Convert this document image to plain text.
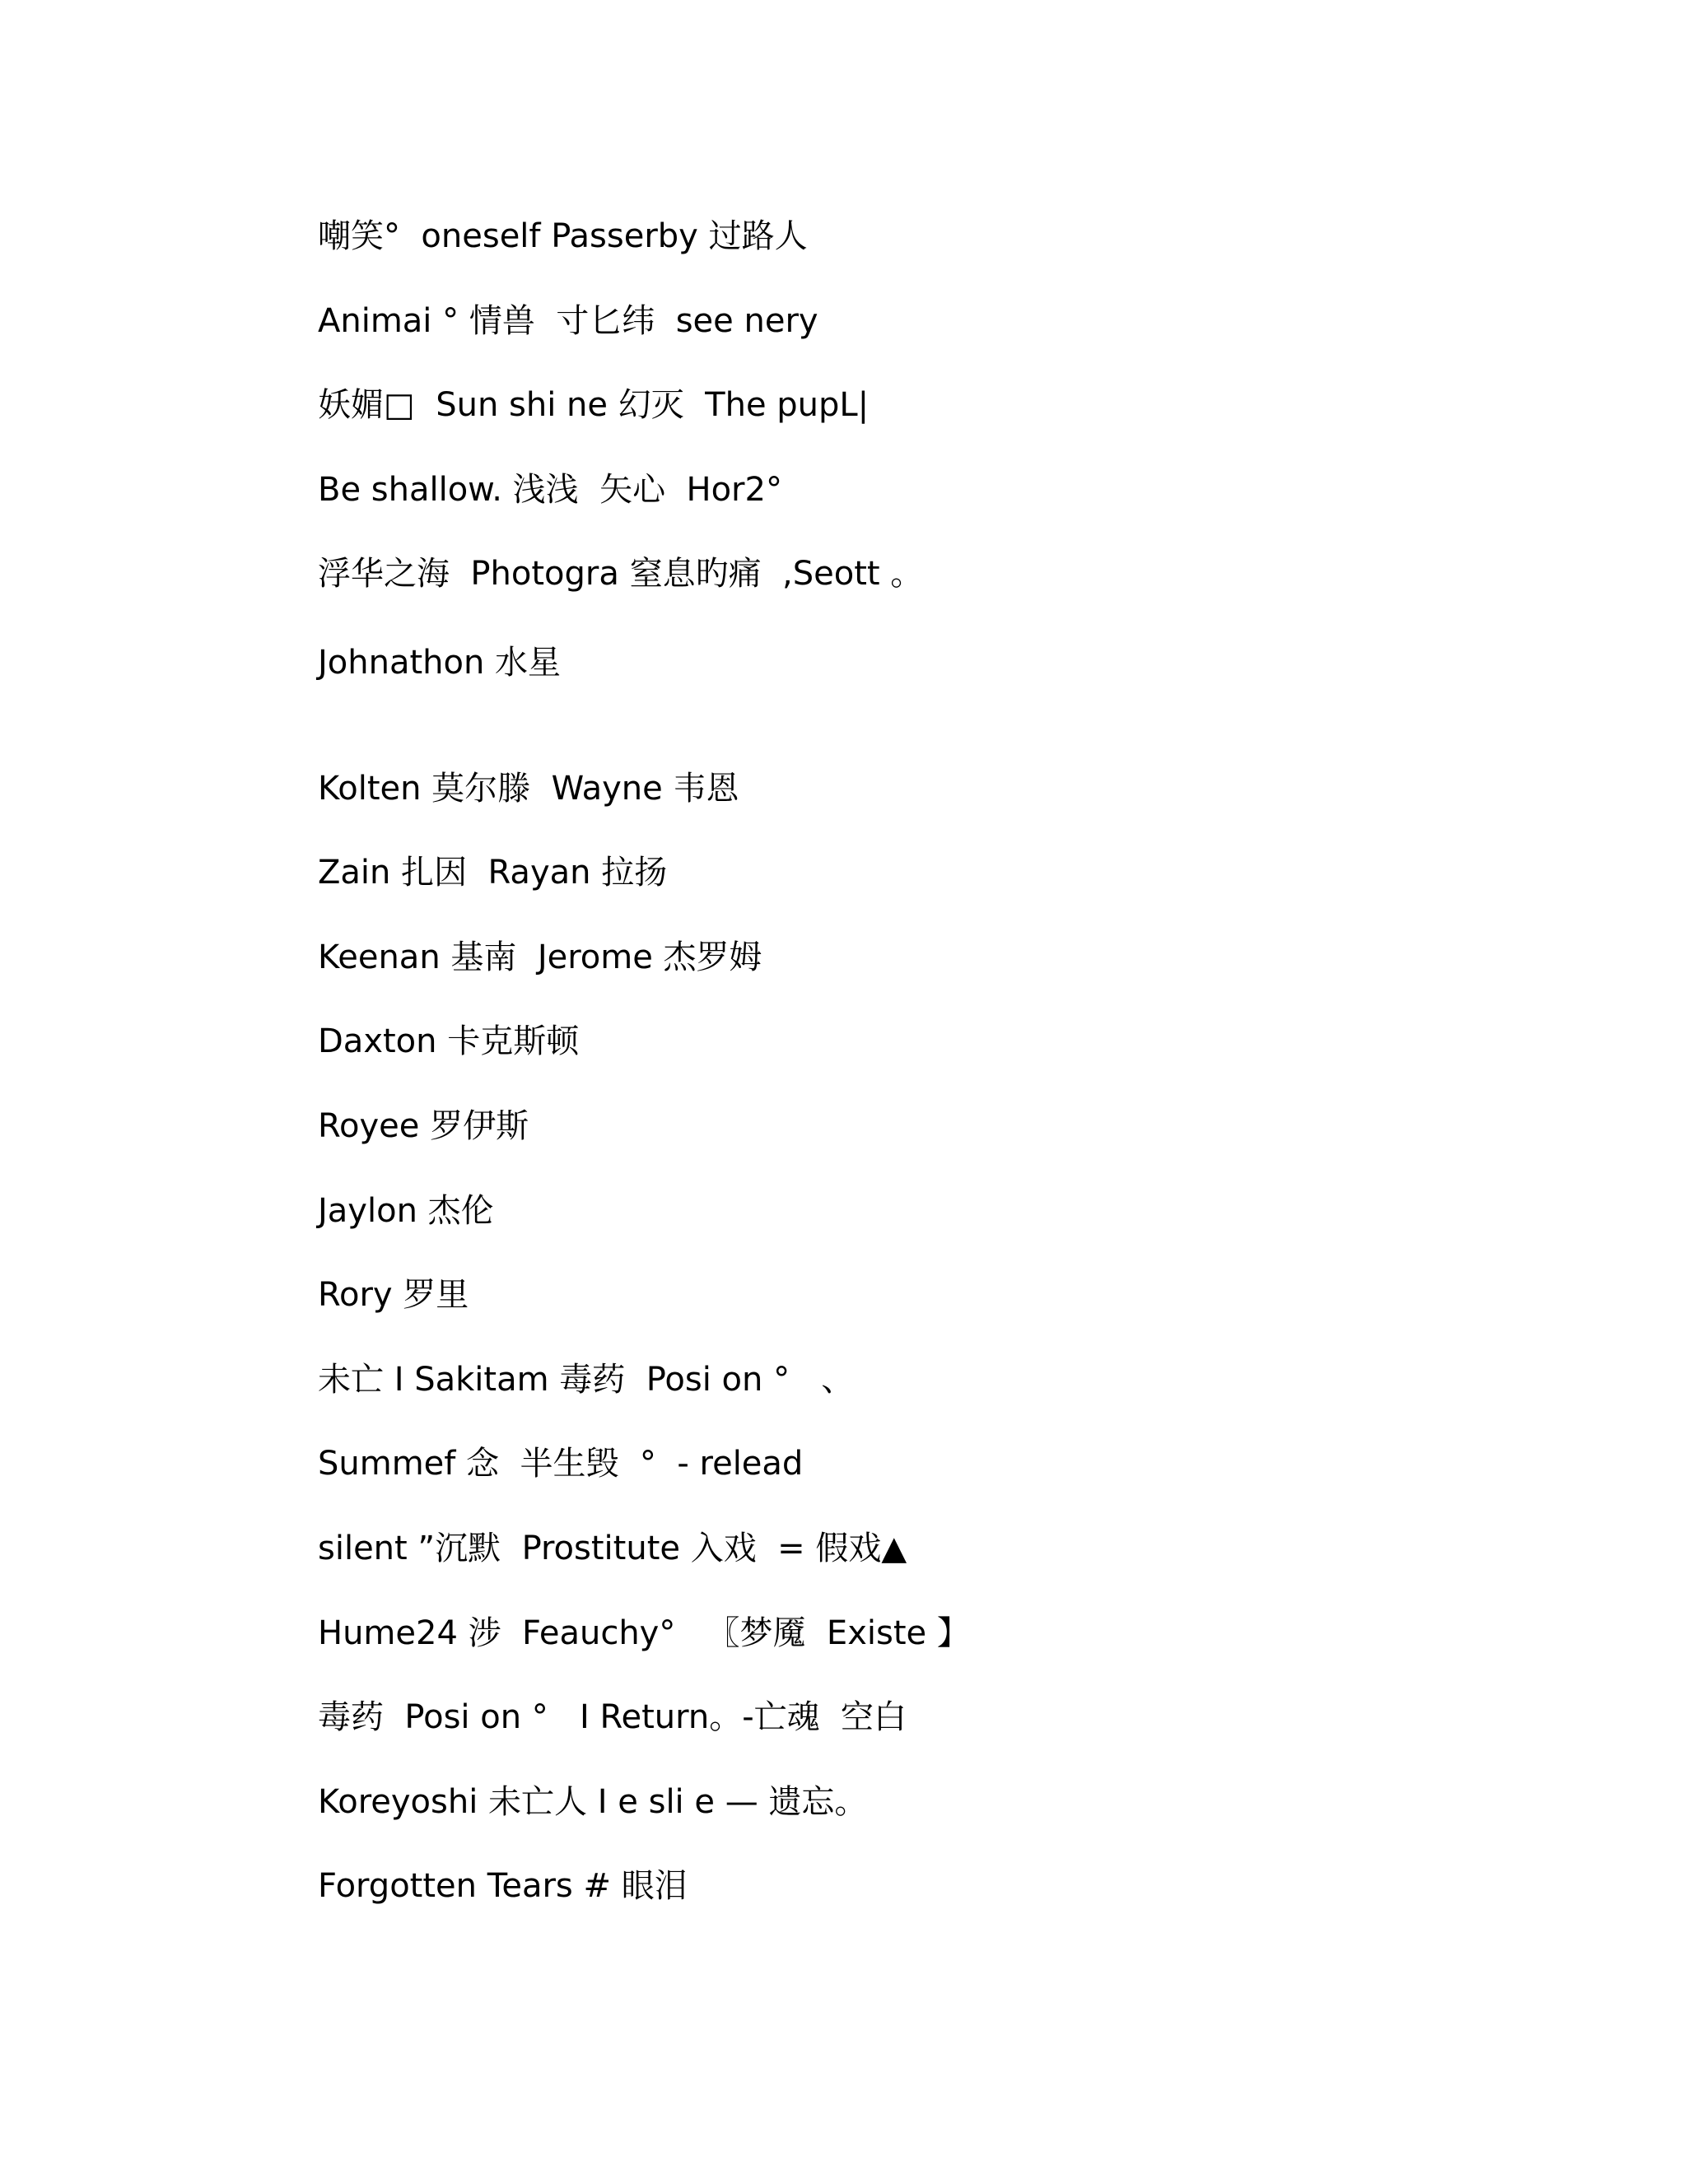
嘲笑°  oneself Passerby 过路人
Animai ° 情兽  寸匕纬  see nery
妖媚□  Sun shi ne 幻灭  The pupL|
Be shallow. 浅浅  矢心  Hor2°
浮华之海  Photogra 窒息旳痛  ,Seott 。
Johnathon 水星
Kolten 莫尔滕  Wayne 韦恩
Zain 扎因  Rayan 拉扬
Keenan 基南  Jerome 杰罗姆
Daxton 卡克斯顿
Royee 罗伊斯
Jaylon 杰伦
Rory 罗里
未亡 I Sakitam 毒药  Posi on °   、
Summef 念  半生毁  °  - relead
silent ”沉默  Prostitute 入戏  = 假戏▲
Hume24 涉  Feauchy°   〖梦魇  Existe 】
毒药  Posi on °   I Return。-亡魂  空白
Koreyoshi 未亡人 I e sli e — 遗忘。
Forgotten Tears # 眼泪
